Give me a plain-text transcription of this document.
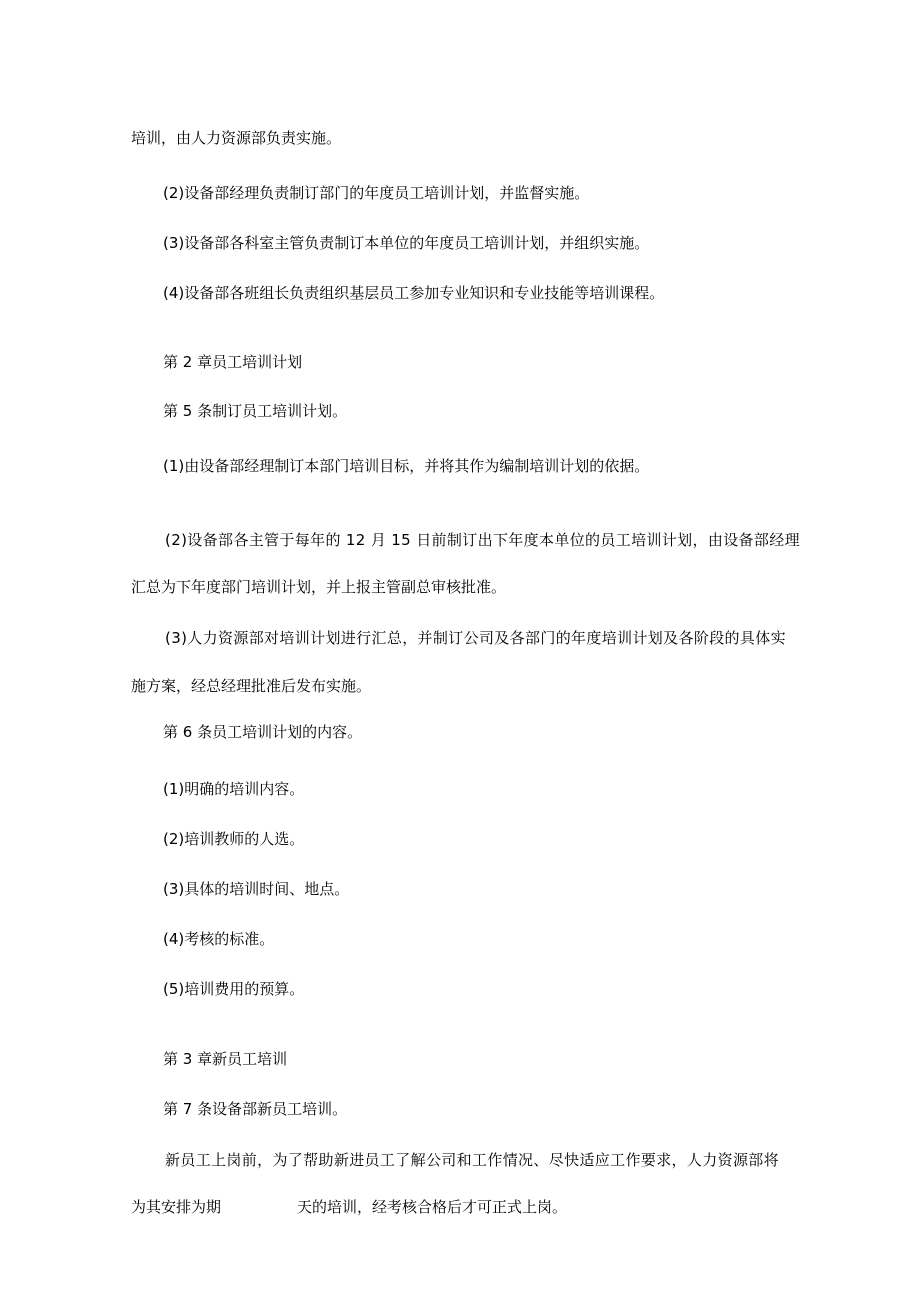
培训，由人力资源部负责实施。

(2)设备部经理负责制订部门的年度员工培训计划，并监督实施。

(3)设备部各科室主管负责制订本单位的年度员工培训计划，并组织实施。

(4)设备部各班组长负责组织基层员工参加专业知识和专业技能等培训课程。

第 2 章员工培训计划

第 5 条制订员工培训计划。

(1)由设备部经理制订本部门培训目标，并将其作为编制培训计划的依据。

(2)设备部各主管于每年的 12 月 15 日前制订出下年度本单位的员工培训计划，由设备部经理

汇总为下年度部门培训计划，并上报主管副总审核批准。

(3)人力资源部对培训计划进行汇总，并制订公司及各部门的年度培训计划及各阶段的具体实

施方案，经总经理批准后发布实施。

第 6 条员工培训计划的内容。

(1)明确的培训内容。

(2)培训教师的人选。

(3)具体的培训时间、地点。

(4)考核的标准。

(5)培训费用的预算。

第 3 章新员工培训

第 7 条设备部新员工培训。

新员工上岗前，为了帮助新进员工了解公司和工作情况、尽快适应工作要求，人力资源部将

为其安排为期	天的培训，经考核合格后才可正式上岗。
